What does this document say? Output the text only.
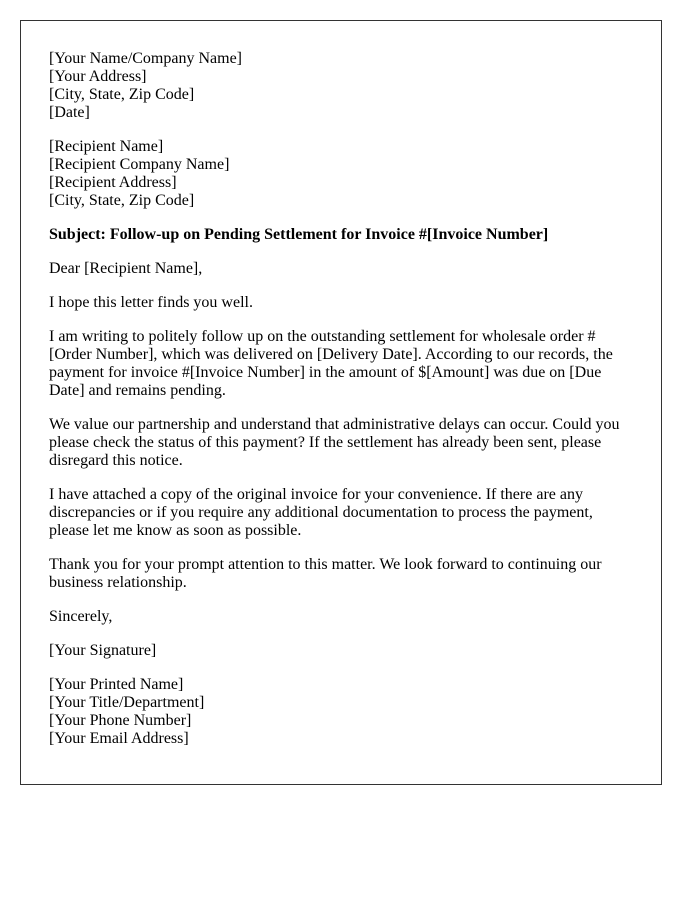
[Your Name/Company Name]
[Your Address]
[City, State, Zip Code]
[Date]

[Recipient Name]
[Recipient Company Name]
[Recipient Address]
[City, State, Zip Code]

Subject: Follow-up on Pending Settlement for Invoice #[Invoice Number]

Dear [Recipient Name],

I hope this letter finds you well.

I am writing to politely follow up on the outstanding settlement for wholesale order #[Order Number], which was delivered on [Delivery Date]. According to our records, the payment for invoice #[Invoice Number] in the amount of $[Amount] was due on [Due Date] and remains pending.

We value our partnership and understand that administrative delays can occur. Could you please check the status of this payment? If the settlement has already been sent, please disregard this notice.

I have attached a copy of the original invoice for your convenience. If there are any discrepancies or if you require any additional documentation to process the payment, please let me know as soon as possible.

Thank you for your prompt attention to this matter. We look forward to continuing our business relationship.

Sincerely,

[Your Signature]

[Your Printed Name]
[Your Title/Department]
[Your Phone Number]
[Your Email Address]
